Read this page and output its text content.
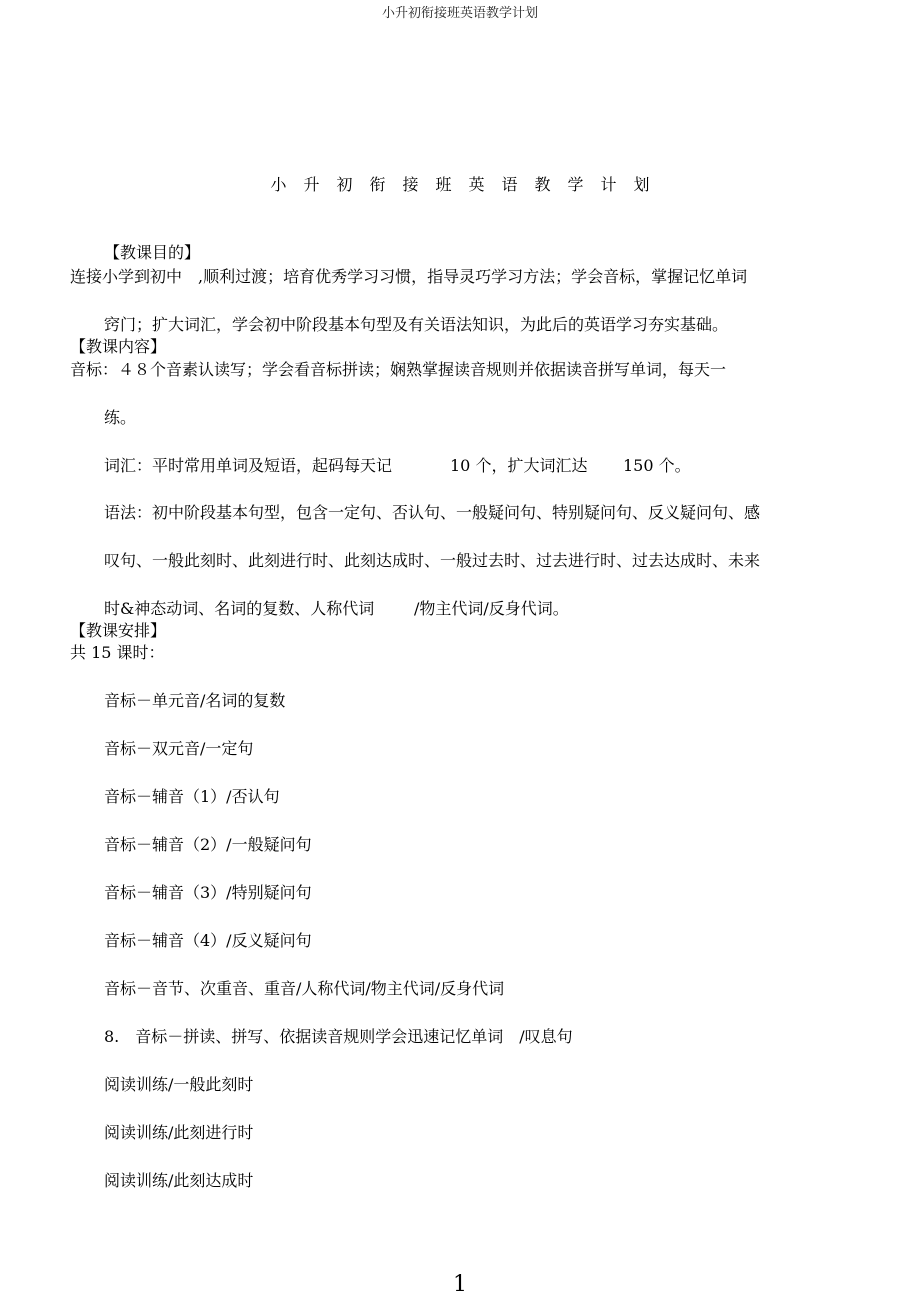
小升初衔接班英语教学计划
小升初衔接班英语教学计划
【教课目的】
连接小学到初中　,顺利过渡；培育优秀学习习惯，指导灵巧学习方法；学会音标，掌握记忆单词
窍门；扩大词汇，学会初中阶段基本句型及有关语法知识，为此后的英语学习夯实基础。
【教课内容】
音标：４８个音素认读写；学会看音标拼读；娴熟掌握读音规则并依据读音拼写单词，每天一
练。
词汇：平时常用单词及短语，起码每天记	10 个，扩大词汇达 150 个。
语法：初中阶段基本句型，包含一定句、否认句、一般疑问句、特别疑问句、反义疑问句、感
叹句、一般此刻时、此刻进行时、此刻达成时、一般过去时、过去进行时、过去达成时、未来
时&神态动词、名词的复数、人称代词 /物主代词/反身代词。
【教课安排】
共 15 课时：
音标－单元音/名词的复数
音标－双元音/一定句
音标－辅音（1）/否认句
音标－辅音（2）/一般疑问句
音标－辅音（3）/特别疑问句
音标－辅音（4）/反义疑问句
音标－音节、次重音、重音/人称代词/物主代词/反身代词
8.　音标－拼读、拼写、依据读音规则学会迅速记忆单词　/叹息句
阅读训练/一般此刻时
阅读训练/此刻进行时
阅读训练/此刻达成时
1
